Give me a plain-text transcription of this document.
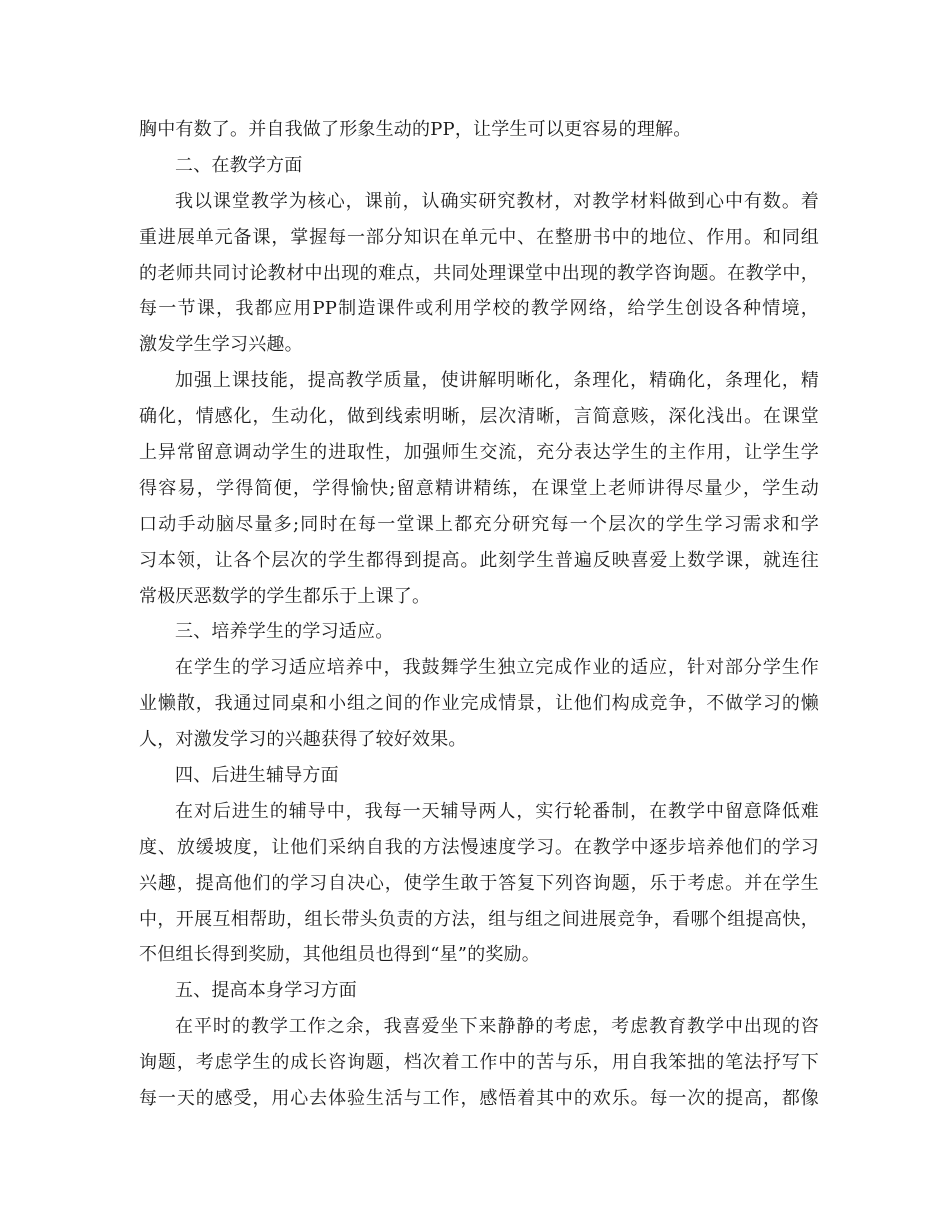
胸中有数了。并自我做了形象生动的PP，让学生可以更容易的理解。
二、在教学方面
我以课堂教学为核心，课前，认确实研究教材，对教学材料做到心中有数。着
重进展单元备课，掌握每一部分知识在单元中、在整册书中的地位、作用。和同组
的老师共同讨论教材中出现的难点，共同处理课堂中出现的教学咨询题。在教学中，
每一节课，我都应用PP制造课件或利用学校的教学网络，给学生创设各种情境，
激发学生学习兴趣。
加强上课技能，提高教学质量，使讲解明晰化，条理化，精确化，条理化，精
确化，情感化，生动化，做到线索明晰，层次清晰，言简意赅，深化浅出。在课堂
上异常留意调动学生的进取性，加强师生交流，充分表达学生的主作用，让学生学
得容易，学得简便，学得愉快;留意精讲精练，在课堂上老师讲得尽量少，学生动
口动手动脑尽量多;同时在每一堂课上都充分研究每一个层次的学生学习需求和学
习本领，让各个层次的学生都得到提高。此刻学生普遍反映喜爱上数学课，就连往
常极厌恶数学的学生都乐于上课了。
三、培养学生的学习适应。
在学生的学习适应培养中，我鼓舞学生独立完成作业的适应，针对部分学生作
业懒散，我通过同桌和小组之间的作业完成情景，让他们构成竞争，不做学习的懒
人，对激发学习的兴趣获得了较好效果。
四、后进生辅导方面
在对后进生的辅导中，我每一天辅导两人，实行轮番制，在教学中留意降低难
度、放缓坡度，让他们采纳自我的方法慢速度学习。在教学中逐步培养他们的学习
兴趣，提高他们的学习自决心，使学生敢于答复下列咨询题，乐于考虑。并在学生
中，开展互相帮助，组长带头负责的方法，组与组之间进展竞争，看哪个组提高快，
不但组长得到奖励，其他组员也得到“星”的奖励。
五、提高本身学习方面
在平时的教学工作之余，我喜爱坐下来静静的考虑，考虑教育教学中出现的咨
询题，考虑学生的成长咨询题，档次着工作中的苦与乐，用自我笨拙的笔法抒写下
每一天的感受，用心去体验生活与工作，感悟着其中的欢乐。每一次的提高，都像
